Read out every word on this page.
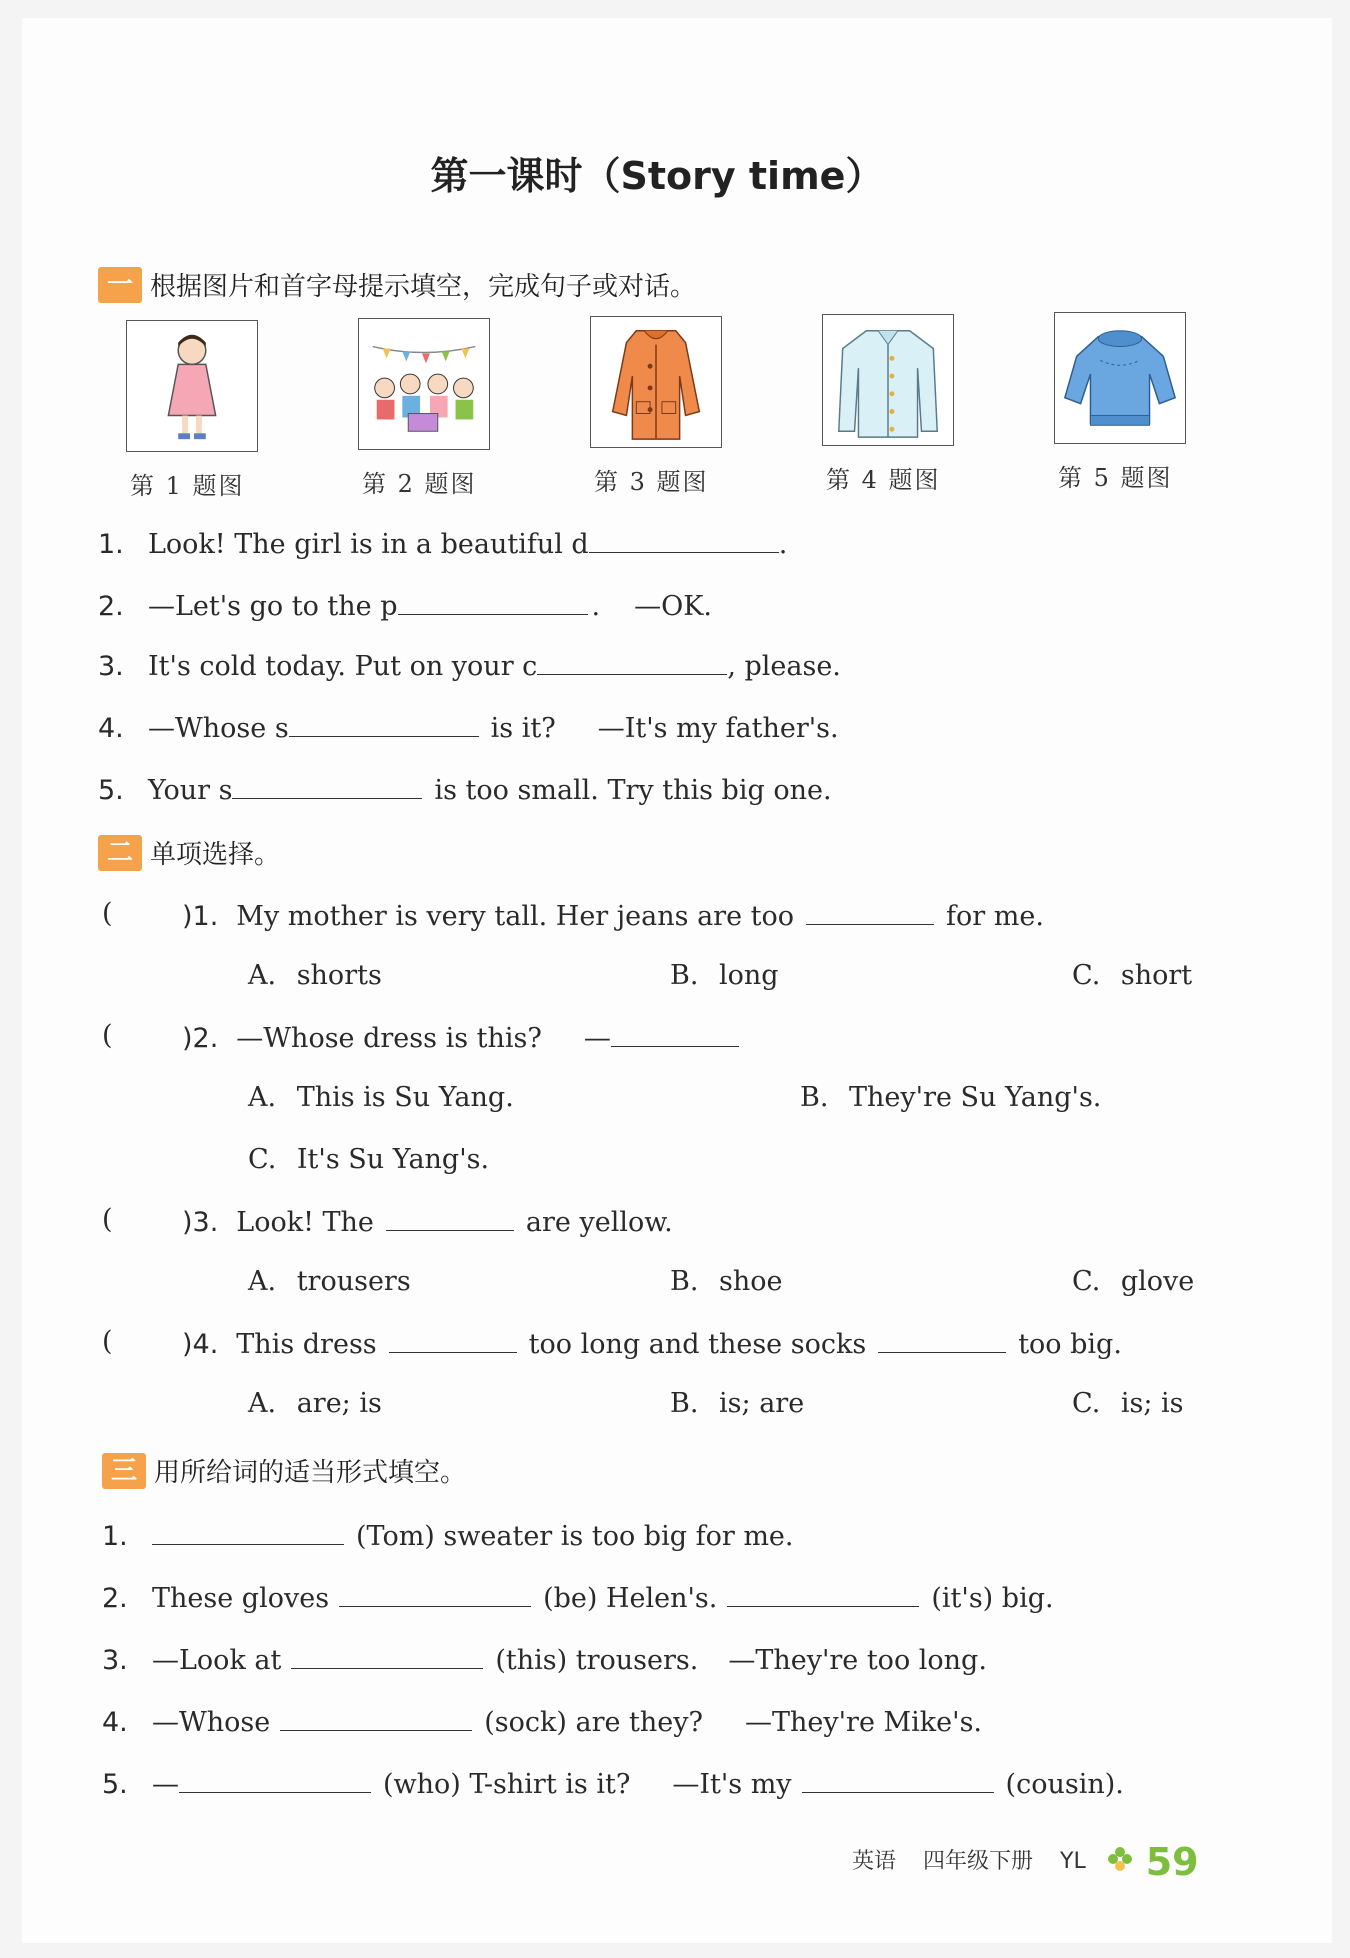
第一课时（Story time）
一 根据图片和首字母提示填空，完成句子或对话。
第 1 题图	第 2 题图	第 3 题图	第 4 题图	第 5 题图
1. Look! The girl is in a beautiful d	.
2. —Let's go to the p	. —OK.
3. It's cold today. Put on your c	, please.
4. —Whose s	is it? —It's my father's.
5. Your s	is too small. Try this big one.
二 单项选择。
(	)1. My mother is very tall. Her jeans are too	for me.
A. shorts	B. long	C. short
(	)2. —Whose dress is this? —
A. This is Su Yang.	B. They're Su Yang's.
C. It's Su Yang's.
(	)3. Look! The	are yellow.
A. trousers	B. shoe	C. glove
(	)4. This dress	too long and these socks	too big.
A. are; is	B. is; are	C. is; is
三 用所给词的适当形式填空。
1.	(Tom) sweater is too big for me.
2. These gloves	(be) Helen's.	(it's) big.
3. —Look at	(this) trousers. —They're too long.
4. —Whose	(sock) are they? —They're Mike's.
5. —	(who) T-shirt is it? —It's my	(cousin).
英语 四年级下册 YL 59
